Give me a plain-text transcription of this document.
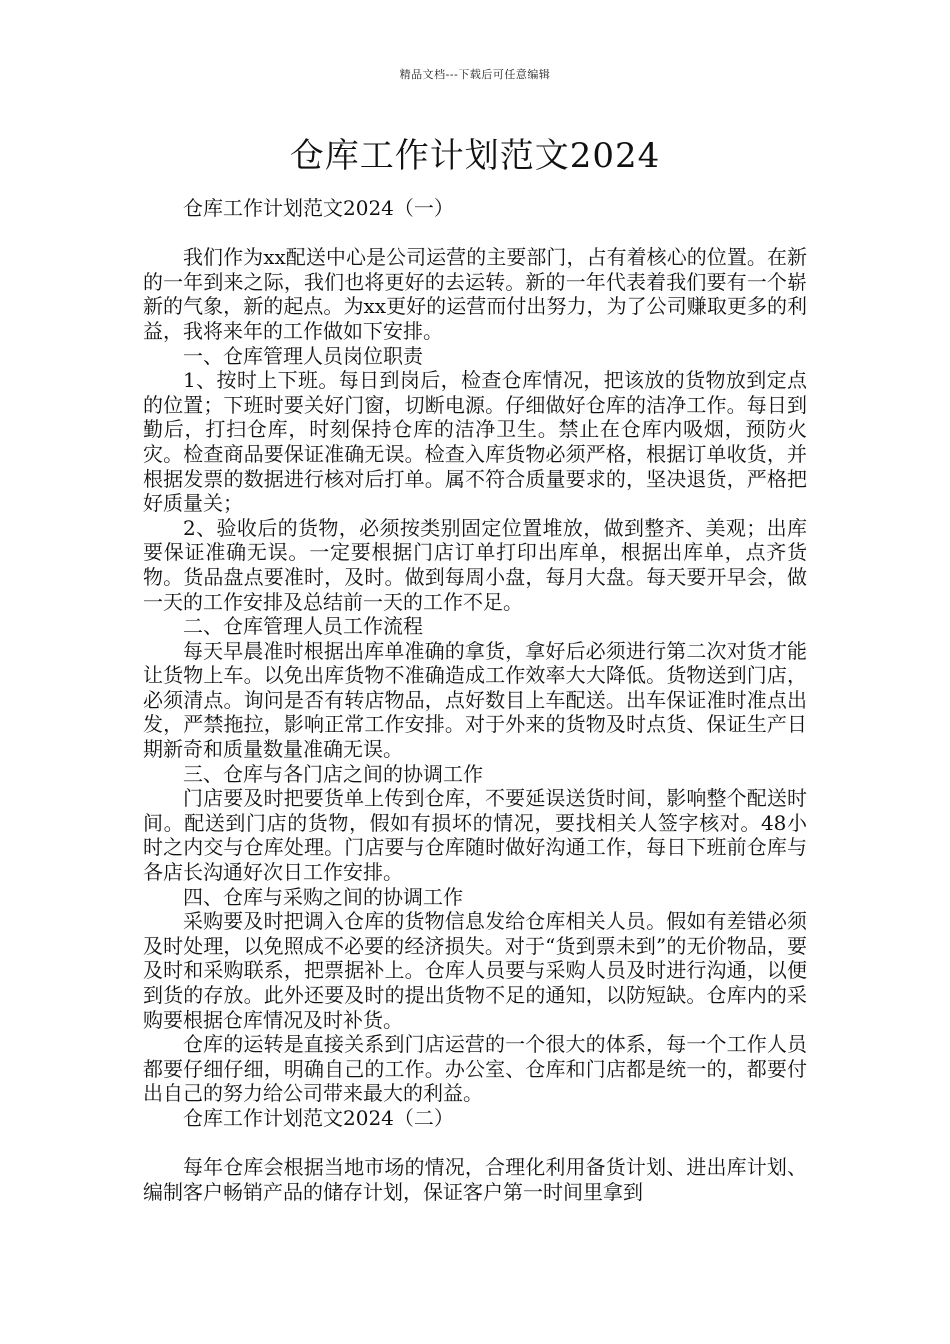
精品文档---下载后可任意编辑
仓库工作计划范文2024

仓库工作计划范文2024（一）

我们作为xx配送中心是公司运营的主要部门，占有着核心的位置。在新的一年到来之际，我们也将更好的去运转。新的一年代表着我们要有一个崭新的气象，新的起点。为xx更好的运营而付出努力，为了公司赚取更多的利益，我将来年的工作做如下安排。

一、仓库管理人员岗位职责

1、按时上下班。每日到岗后，检查仓库情况，把该放的货物放到定点的位置；下班时要关好门窗，切断电源。仔细做好仓库的洁净工作。每日到勤后，打扫仓库，时刻保持仓库的洁净卫生。禁止在仓库内吸烟，预防火灾。检查商品要保证准确无误。检查入库货物必须严格，根据订单收货，并根据发票的数据进行核对后打单。属不符合质量要求的，坚决退货，严格把好质量关；

2、验收后的货物，必须按类别固定位置堆放，做到整齐、美观；出库要保证准确无误。一定要根据门店订单打印出库单，根据出库单，点齐货物。货品盘点要准时，及时。做到每周小盘，每月大盘。每天要开早会，做一天的工作安排及总结前一天的工作不足。

二、仓库管理人员工作流程

每天早晨准时根据出库单准确的拿货，拿好后必须进行第二次对货才能让货物上车。以免出库货物不准确造成工作效率大大降低。货物送到门店，必须清点。询问是否有转店物品，点好数目上车配送。出车保证准时准点出发，严禁拖拉，影响正常工作安排。对于外来的货物及时点货、保证生产日期新奇和质量数量准确无误。

三、仓库与各门店之间的协调工作

门店要及时把要货单上传到仓库，不要延误送货时间，影响整个配送时间。配送到门店的货物，假如有损坏的情况，要找相关人签字核对。48小时之内交与仓库处理。门店要与仓库随时做好沟通工作，每日下班前仓库与各店长沟通好次日工作安排。

四、仓库与采购之间的协调工作

采购要及时把调入仓库的货物信息发给仓库相关人员。假如有差错必须及时处理，以免照成不必要的经济损失。对于“货到票未到”的无价物品，要及时和采购联系，把票据补上。仓库人员要与采购人员及时进行沟通，以便到货的存放。此外还要及时的提出货物不足的通知，以防短缺。仓库内的采购要根据仓库情况及时补货。

仓库的运转是直接关系到门店运营的一个很大的体系，每一个工作人员都要仔细仔细，明确自己的工作。办公室、仓库和门店都是统一的，都要付出自己的努力给公司带来最大的利益。

仓库工作计划范文2024（二）

每年仓库会根据当地市场的情况，合理化利用备货计划、进出库计划、编制客户畅销产品的储存计划，保证客户第一时间里拿到
